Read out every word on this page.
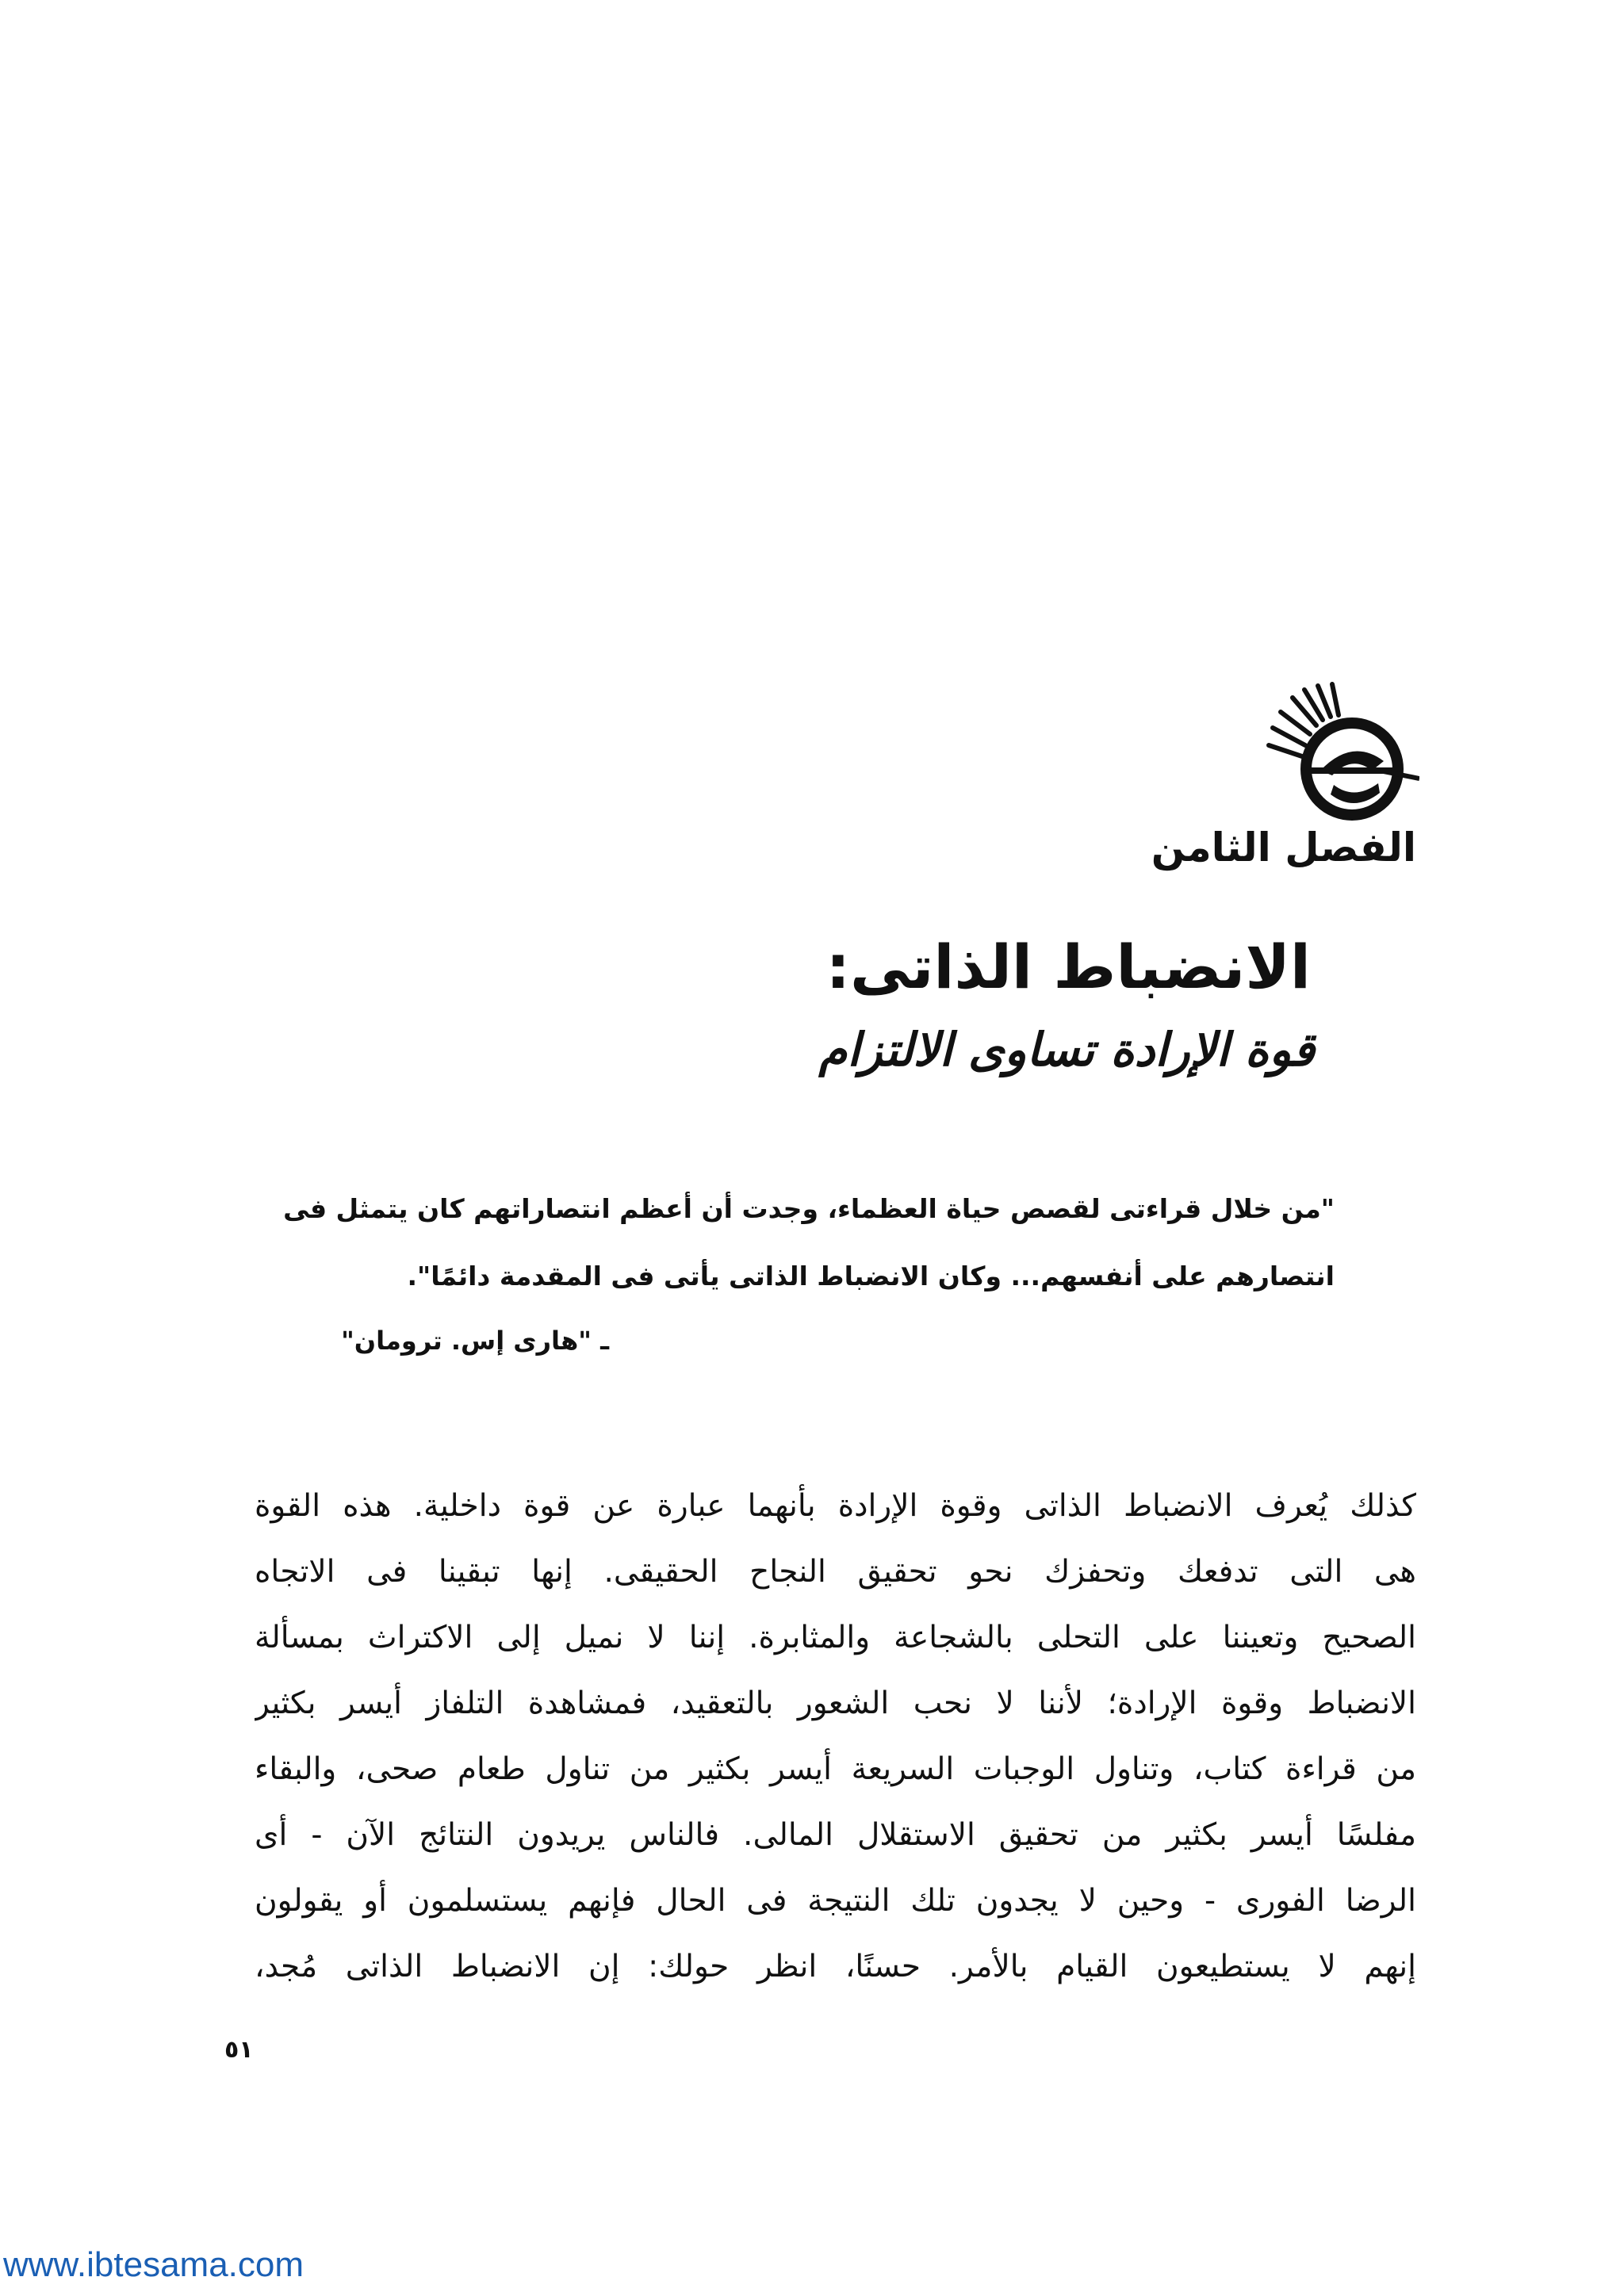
الفصل الثامن
الانضباط الذاتى:
قوة الإرادة تساوى الالتزام

"من خلال قراءتى لقصص حياة العظماء، وجدت أن أعظم انتصاراتهم كان يتمثل فى

انتصارهم على أنفسهم... وكان الانضباط الذاتى يأتى فى المقدمة دائمًا".

ـ "هارى إس. ترومان"
كذلك يُعرف الانضباط الذاتى وقوة الإرادة بأنهما عبارة عن قوة داخلية. هذه القوة
هى التى تدفعك وتحفزك نحو تحقيق النجاح الحقيقى. إنها تبقينا فى الاتجاه
الصحيح وتعيننا على التحلى بالشجاعة والمثابرة. إننا لا نميل إلى الاكتراث بمسألة
الانضباط وقوة الإرادة؛ لأننا لا نحب الشعور بالتعقيد، فمشاهدة التلفاز أيسر بكثير
من قراءة كتاب، وتناول الوجبات السريعة أيسر بكثير من تناول طعام صحى، والبقاء
مفلسًا أيسر بكثير من تحقيق الاستقلال المالى. فالناس يريدون النتائج الآن - أى
الرضا الفورى - وحين لا يجدون تلك النتيجة فى الحال فإنهم يستسلمون أو يقولون
إنهم لا يستطيعون القيام بالأمر. حسنًا، انظر حولك: إن الانضباط الذاتى مُجد،
٥١
www.ibtesama.com
